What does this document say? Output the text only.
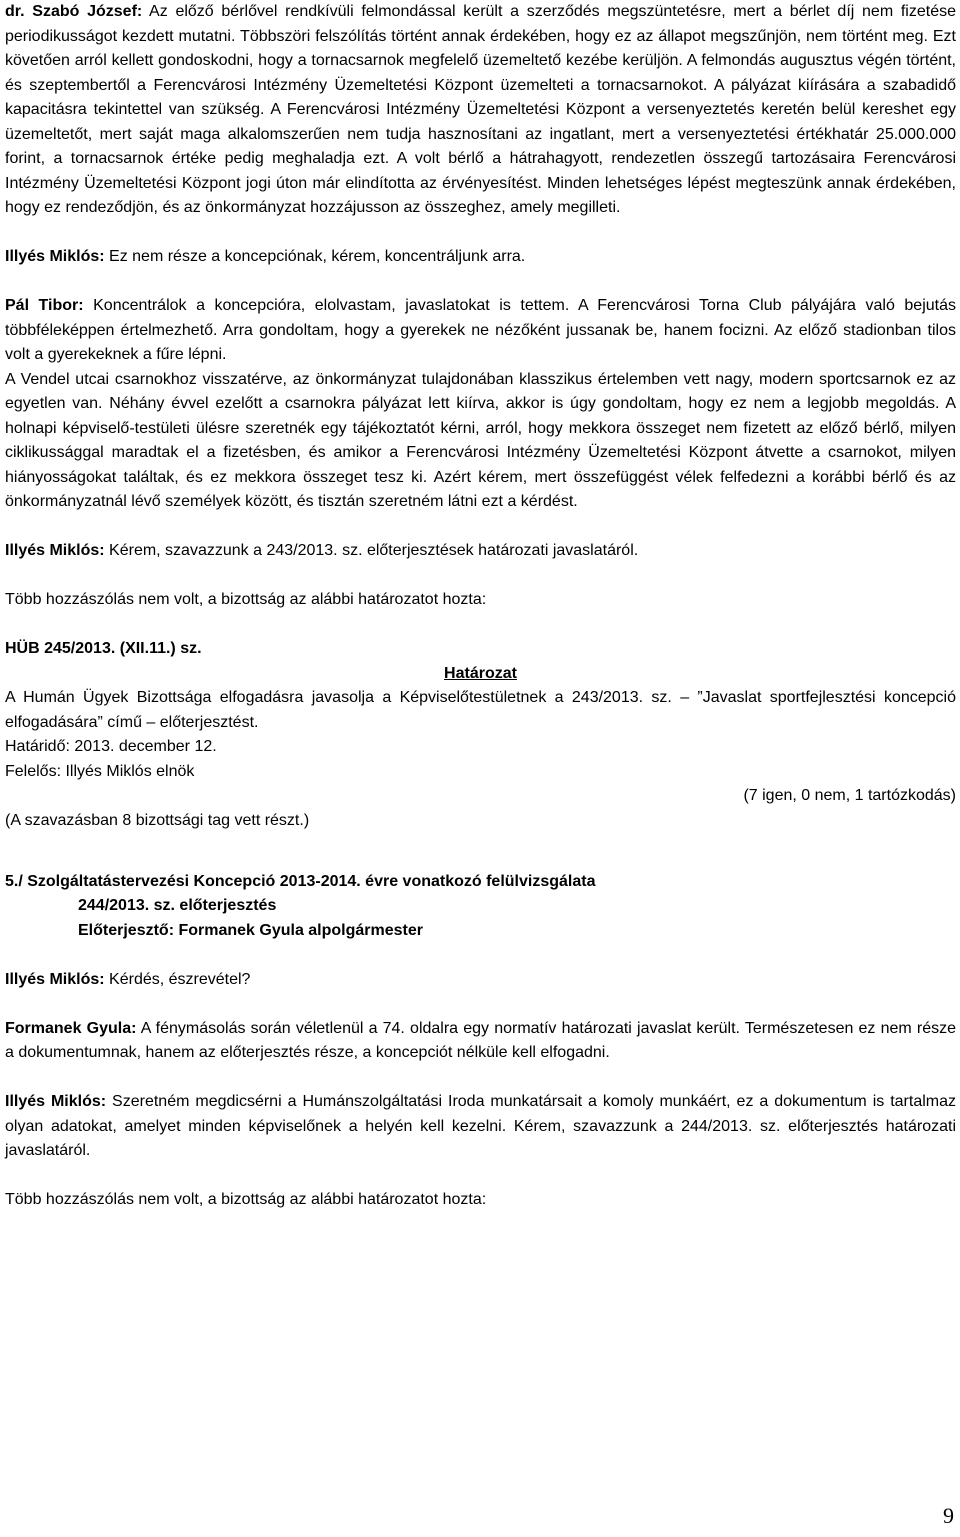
dr. Szabó József: Az előző bérlővel rendkívüli felmondással került a szerződés megszüntetésre, mert a bérlet díj nem fizetése periodikusságot kezdett mutatni. Többszöri felszólítás történt annak érdekében, hogy ez az állapot megszűnjön, nem történt meg. Ezt követően arról kellett gondoskodni, hogy a tornacsarnok megfelelő üzemeltető kezébe kerüljön. A felmondás augusztus végén történt, és szeptembertől a Ferencvárosi Intézmény Üzemeltetési Központ üzemelteti a tornacsarnokot. A pályázat kiírására a szabadidő kapacitásra tekintettel van szükség. A Ferencvárosi Intézmény Üzemeltetési Központ a versenyeztetés keretén belül kereshet egy üzemeltetőt, mert saját maga alkalomszerűen nem tudja hasznosítani az ingatlant, mert a versenyeztetési értékhatár 25.000.000 forint, a tornacsarnok értéke pedig meghaladja ezt. A volt bérlő a hátrahagyott, rendezetlen összegű tartozásaira Ferencvárosi Intézmény Üzemeltetési Központ jogi úton már elindította az érvényesítést. Minden lehetséges lépést megteszünk annak érdekében, hogy ez rendeződjön, és az önkormányzat hozzájusson az összeghez, amely megilleti.

Illyés Miklós: Ez nem része a koncepciónak, kérem, koncentráljunk arra.

Pál Tibor: Koncentrálok a koncepcióra, elolvastam, javaslatokat is tettem. A Ferencvárosi Torna Club pályájára való bejutás többféleképpen értelmezhető. Arra gondoltam, hogy a gyerekek ne nézőként jussanak be, hanem focizni. Az előző stadionban tilos volt a gyerekeknek a fűre lépni.

A Vendel utcai csarnokhoz visszatérve, az önkormányzat tulajdonában klasszikus értelemben vett nagy, modern sportcsarnok ez az egyetlen van. Néhány évvel ezelőtt a csarnokra pályázat lett kiírva, akkor is úgy gondoltam, hogy ez nem a legjobb megoldás. A holnapi képviselő-testületi ülésre szeretnék egy tájékoztatót kérni, arról, hogy mekkora összeget nem fizetett az előző bérlő, milyen ciklikussággal maradtak el a fizetésben, és amikor a Ferencvárosi Intézmény Üzemeltetési Központ átvette a csarnokot, milyen hiányosságokat találtak, és ez mekkora összeget tesz ki. Azért kérem, mert összefüggést vélek felfedezni a korábbi bérlő és az önkormányzatnál lévő személyek között, és tisztán szeretném látni ezt a kérdést.

Illyés Miklós: Kérem, szavazzunk a 243/2013. sz. előterjesztések határozati javaslatáról.

Több hozzászólás nem volt, a bizottság az alábbi határozatot hozta:

HÜB 245/2013. (XII.11.) sz.

Határozat

A Humán Ügyek Bizottsága elfogadásra javasolja a Képviselőtestületnek a 243/2013. sz. – ”Javaslat sportfejlesztési koncepció elfogadására” című – előterjesztést.

Határidő: 2013. december 12.

Felelős: Illyés Miklós elnök

(7 igen, 0 nem, 1 tartózkodás)

(A szavazásban 8 bizottsági tag vett részt.)

5./ Szolgáltatástervezési Koncepció 2013-2014. évre vonatkozó felülvizsgálata

244/2013. sz. előterjesztés

Előterjesztő: Formanek Gyula alpolgármester

Illyés Miklós: Kérdés, észrevétel?

Formanek Gyula: A fénymásolás során véletlenül a 74. oldalra egy normatív határozati javaslat került. Természetesen ez nem része a dokumentumnak, hanem az előterjesztés része, a koncepciót nélküle kell elfogadni.

Illyés Miklós: Szeretném megdicsérni a Humánszolgáltatási Iroda munkatársait a komoly munkáért, ez a dokumentum is tartalmaz olyan adatokat, amelyet minden képviselőnek a helyén kell kezelni. Kérem, szavazzunk a 244/2013. sz. előterjesztés határozati javaslatáról.

Több hozzászólás nem volt, a bizottság az alábbi határozatot hozta:

9
